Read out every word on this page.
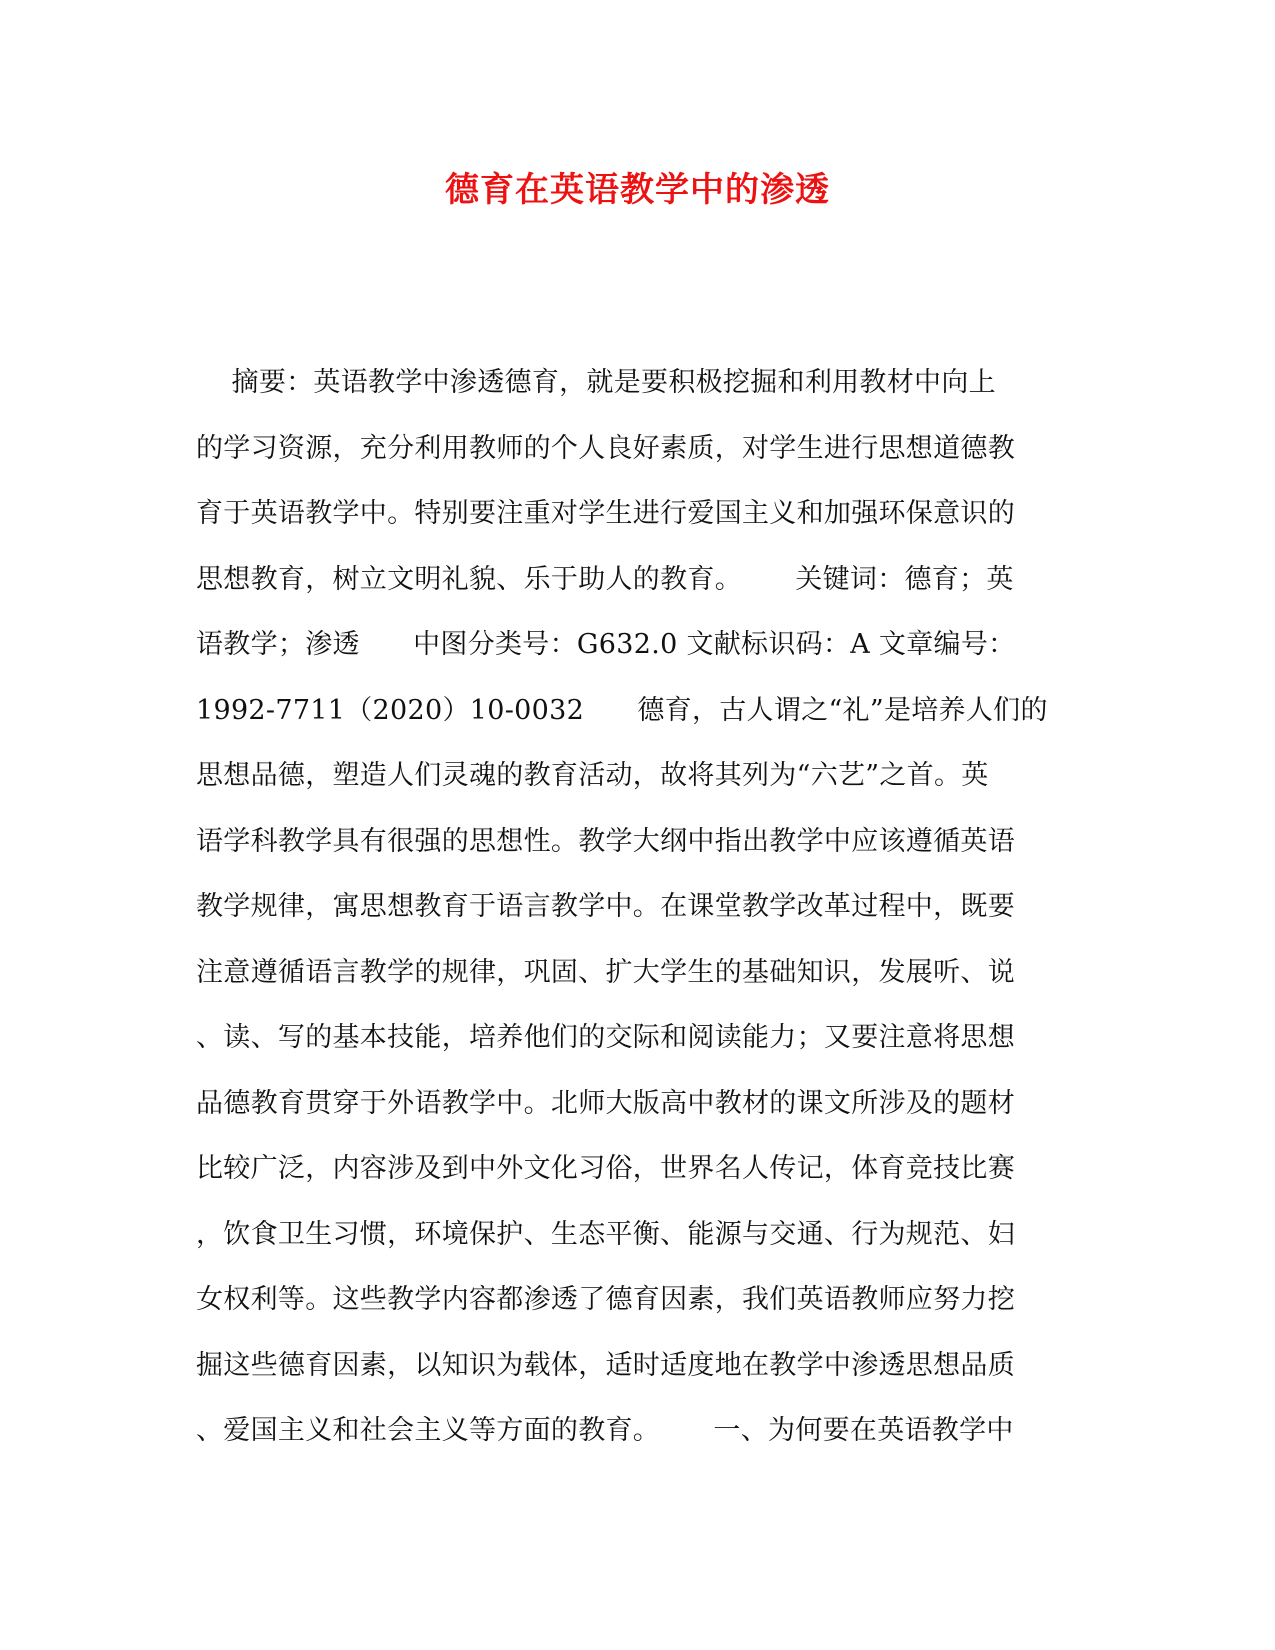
德育在英语教学中的渗透
摘要：英语教学中渗透德育，就是要积极挖掘和利用教材中向上
的学习资源，充分利用教师的个人良好素质，对学生进行思想道德教
育于英语教学中。特别要注重对学生进行爱国主义和加强环保意识的
思想教育，树立文明礼貌、乐于助人的教育。      关键词：德育；英
语教学；渗透      中图分类号：G632.0 文献标识码：A 文章编号：
1992-7711（2020）10-0032      德育，古人谓之“礼”是培养人们的
思想品德，塑造人们灵魂的教育活动，故将其列为“六艺”之首。英
语学科教学具有很强的思想性。教学大纲中指出教学中应该遵循英语
教学规律，寓思想教育于语言教学中。在课堂教学改革过程中，既要
注意遵循语言教学的规律，巩固、扩大学生的基础知识，发展听、说
、读、写的基本技能，培养他们的交际和阅读能力；又要注意将思想
品德教育贯穿于外语教学中。北师大版高中教材的课文所涉及的题材
比较广泛，内容涉及到中外文化习俗，世界名人传记，体育竞技比赛
，饮食卫生习惯，环境保护、生态平衡、能源与交通、行为规范、妇
女权利等。这些教学内容都渗透了德育因素，我们英语教师应努力挖
掘这些德育因素，以知识为载体，适时适度地在教学中渗透思想品质
、爱国主义和社会主义等方面的教育。      一、为何要在英语教学中
